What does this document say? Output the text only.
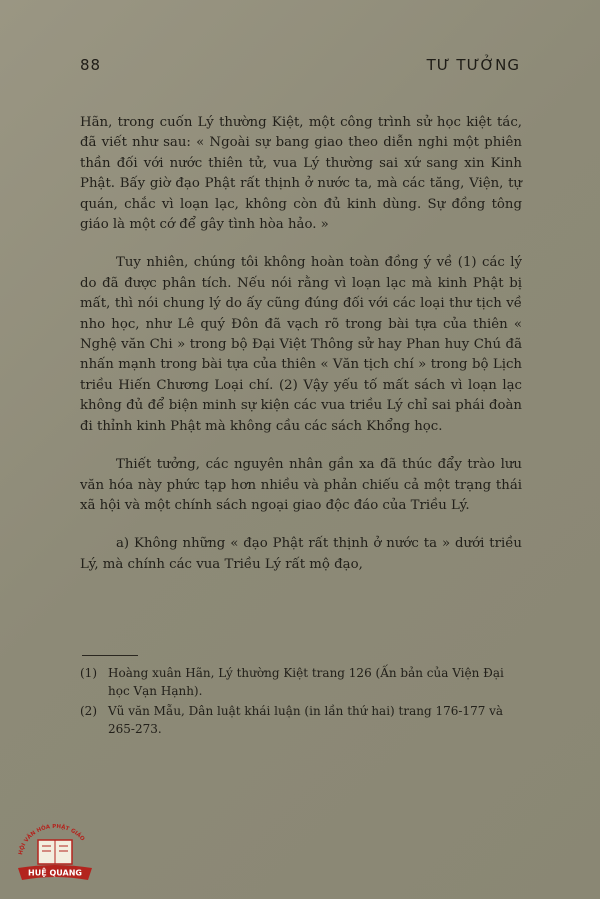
88	TƯ TƯỞNG

Hãn, trong cuốn Lý thường Kiệt, một công trình sử học kiệt tác, đã viết như sau: « Ngoài sự bang giao theo diễn nghi một phiên thần đối với nước thiên tử, vua Lý thường sai xứ sang xin Kinh Phật. Bấy giờ đạo Phật rất thịnh ở nước ta, mà các tăng, Viện, tự quán, chắc vì loạn lạc, không còn đủ kinh dùng. Sự đồng tông giáo là một cớ để gây tình hòa hảo. »

Tuy nhiên, chúng tôi không hoàn toàn đồng ý về (1) các lý do đã được phân tích. Nếu nói rằng vì loạn lạc mà kinh Phật bị mất, thì nói chung lý do ấy cũng đúng đối với các loại thư tịch về nho học, như Lê quý Đôn đã vạch rõ trong bài tựa của thiên « Nghệ văn Chi » trong bộ Đại Việt Thông sử hay Phan huy Chú đã nhấn mạnh trong bài tựa của thiên « Văn tịch chí » trong bộ Lịch triều Hiến Chương Loại chí. (2) Vậy yếu tố mất sách vì loạn lạc không đủ để biện minh sự kiện các vua triều Lý chỉ sai phái đoàn đi thỉnh kinh Phật mà không cầu các sách Khổng học.

Thiết tưởng, các nguyên nhân gần xa đã thúc đẩy trào lưu văn hóa này phức tạp hơn nhiều và phản chiếu cả một trạng thái xã hội và một chính sách ngoại giao độc đáo của Triều Lý.

a) Không những « đạo Phật rất thịnh ở nước ta » dưới triều Lý, mà chính các vua Triều Lý rất mộ đạo,

(1) Hoàng xuân Hãn, Lý thường Kiệt trang 126 (Ấn bản của Viện Đại học Vạn Hạnh).
(2) Vũ văn Mẫu, Dân luật khái luận (in lần thứ hai) trang 176-177 và 265-273.
HỘI VĂN HÓA PHẬT GIÁO
HUỆ QUANG
